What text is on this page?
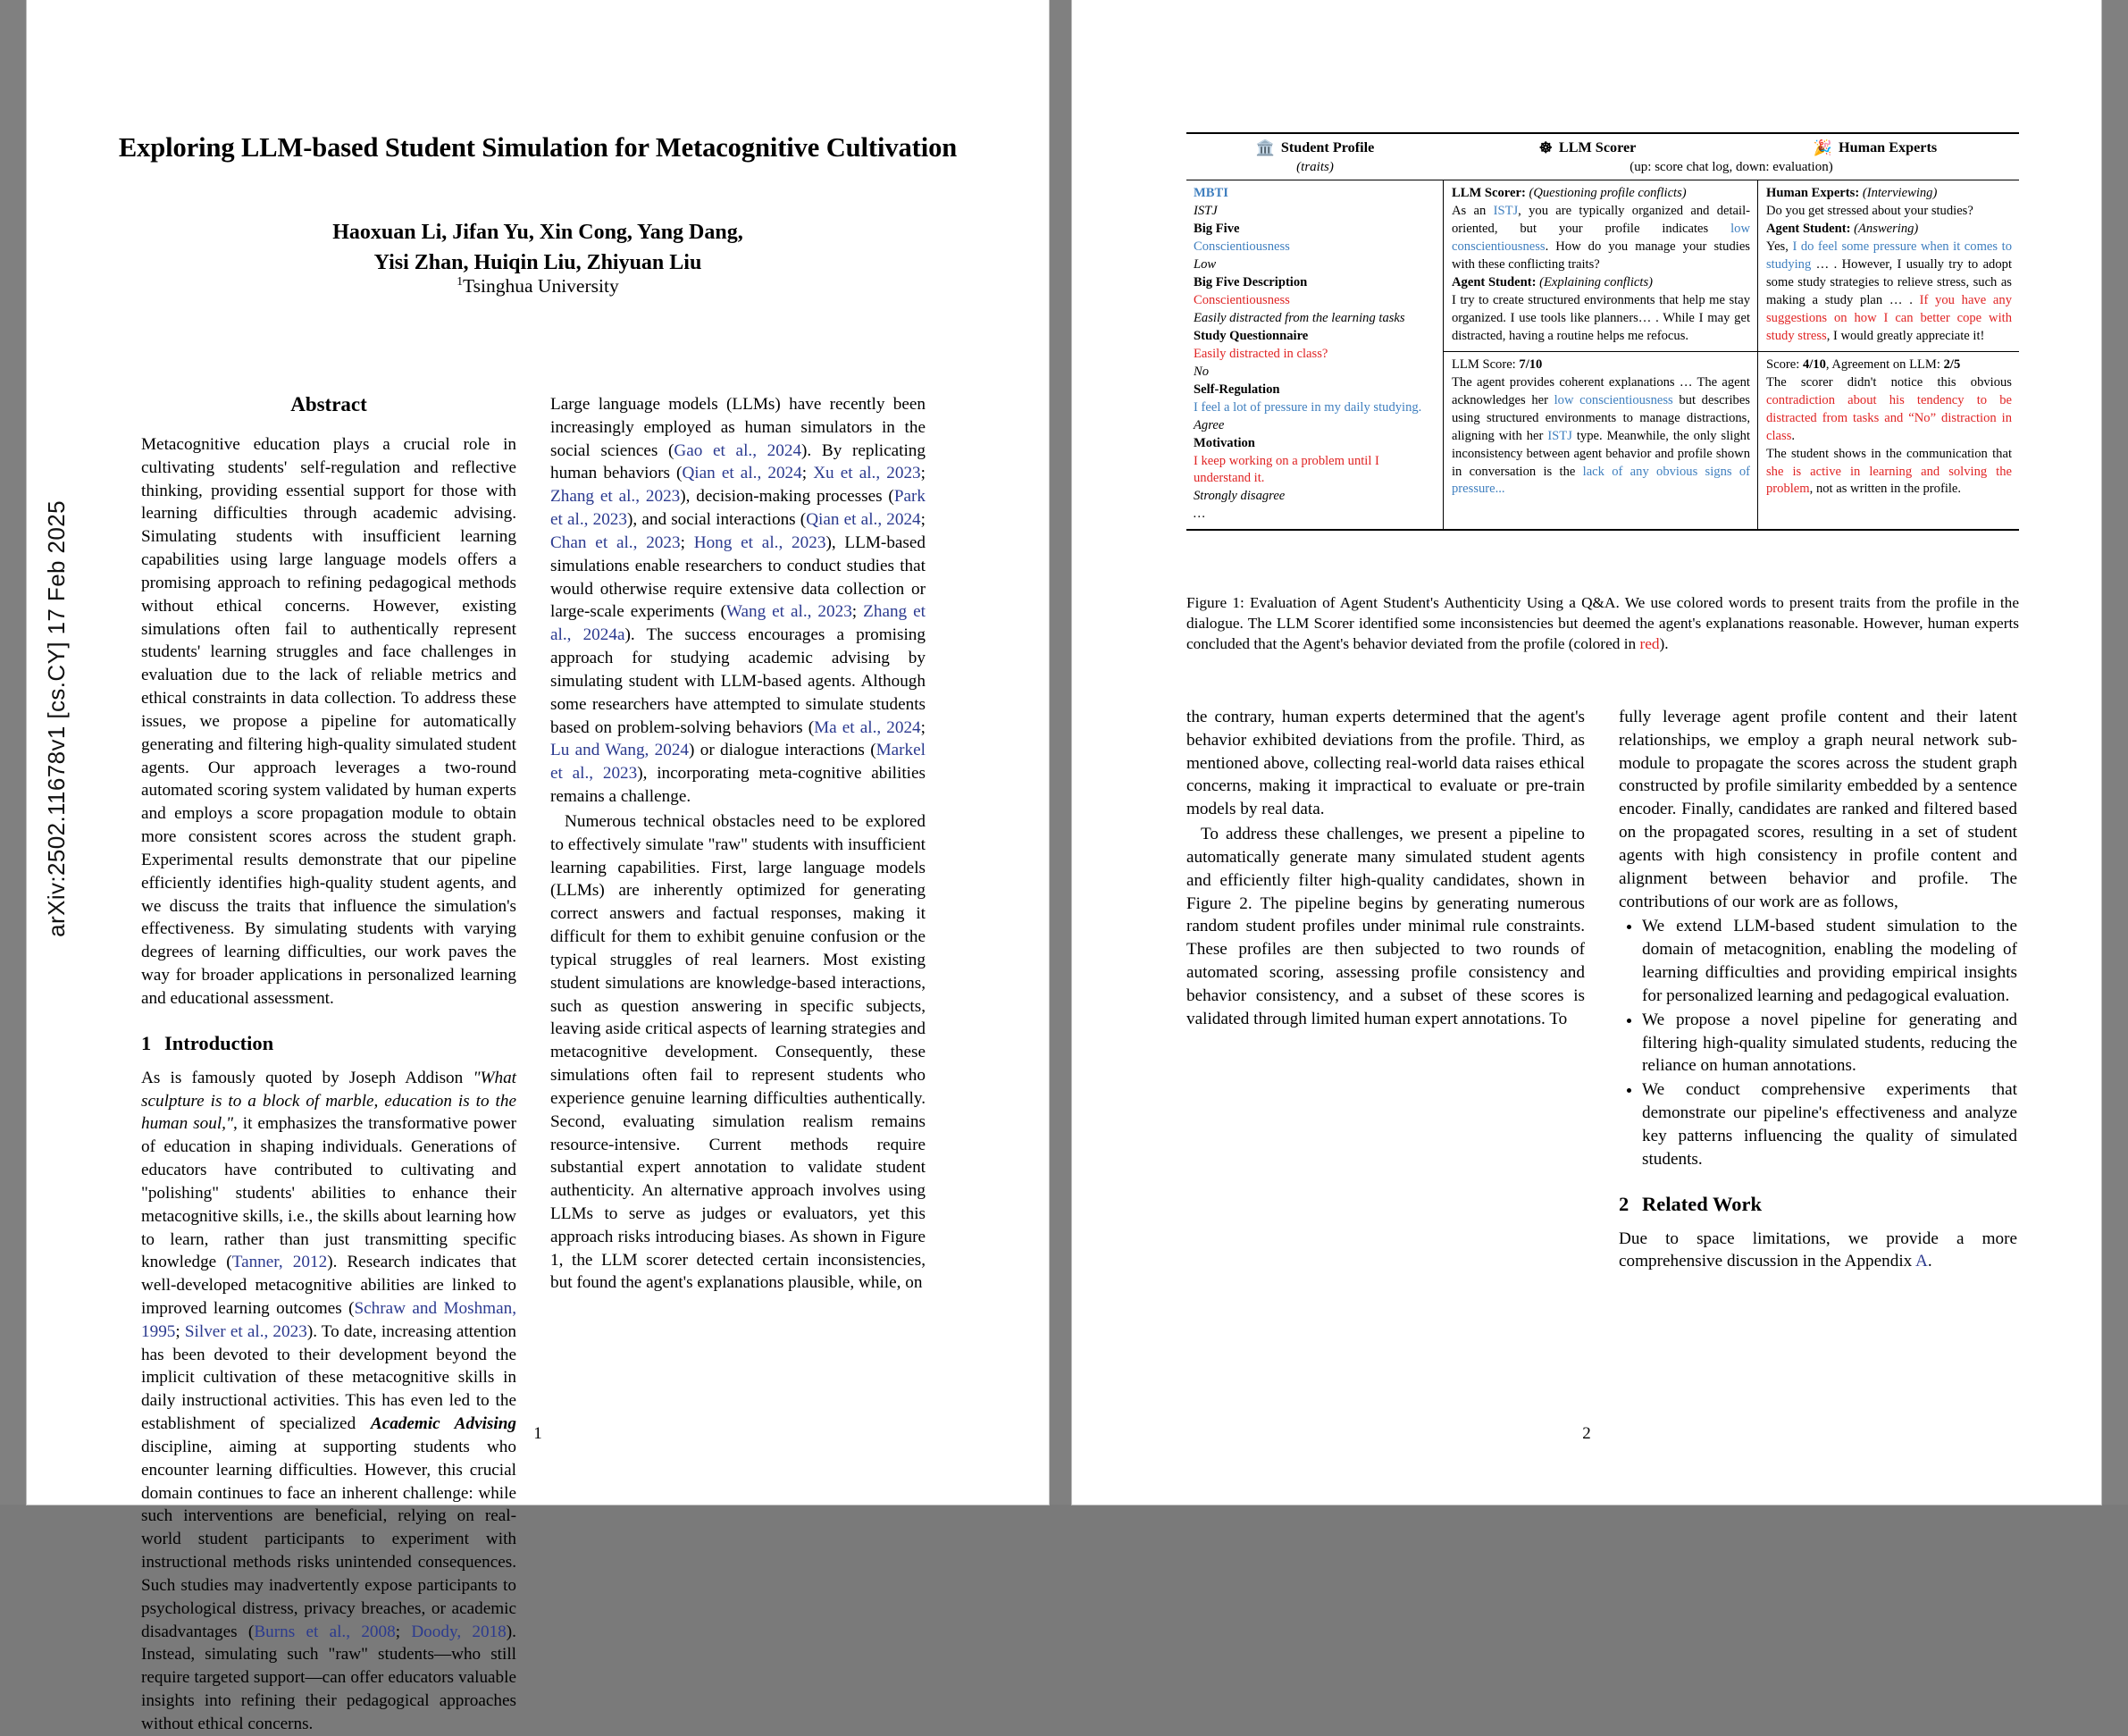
arXiv:2502.11678v1 [cs.CY] 17 Feb 2025
Exploring LLM-based Student Simulation for Metacognitive Cultivation
Haoxuan Li, Jifan Yu, Xin Cong, Yang Dang,
Yisi Zhan, Huiqin Liu, Zhiyuan Liu
$^1$Tsinghua University
Abstract

Metacognitive education plays a crucial role in cultivating students' self-regulation and reflective thinking, providing essential support for those with learning difficulties through academic advising. Simulating students with insufficient learning capabilities using large language models offers a promising approach to refining pedagogical methods without ethical concerns. However, existing simulations often fail to authentically represent students' learning struggles and face challenges in evaluation due to the lack of reliable metrics and ethical constraints in data collection. To address these issues, we propose a pipeline for automatically generating and filtering high-quality simulated student agents. Our approach leverages a two-round automated scoring system validated by human experts and employs a score propagation module to obtain more consistent scores across the student graph. Experimental results demonstrate that our pipeline efficiently identifies high-quality student agents, and we discuss the traits that influence the simulation's effectiveness. By simulating students with varying degrees of learning difficulties, our work paves the way for broader applications in personalized learning and educational assessment.

1 Introduction

As is famously quoted by Joseph Addison "What sculpture is to a block of marble, education is to the human soul,", it emphasizes the transformative power of education in shaping individuals. Generations of educators have contributed to cultivating and "polishing" students' abilities to enhance their metacognitive skills, i.e., the skills about learning how to learn, rather than just transmitting specific knowledge (Tanner, 2012). Research indicates that well-developed metacognitive abilities are linked to improved learning outcomes (Schraw and Moshman, 1995; Silver et al., 2023). To date, increasing attention has been devoted to their development beyond the implicit cultivation of these metacognitive skills in daily instructional activities. This has even led to the establishment of specialized Academic Advising discipline, aiming at supporting students who encounter learning difficulties. However, this crucial domain continues to face an inherent challenge: while such interventions are beneficial, relying on real-world student participants to experiment with instructional methods risks unintended consequences. Such studies may inadvertently expose participants to psychological distress, privacy breaches, or academic disadvantages (Burns et al., 2008; Doody, 2018). Instead, simulating such "raw" students—who still require targeted support—can offer educators valuable insights into refining their pedagogical approaches without ethical concerns.

Large language models (LLMs) have recently been increasingly employed as human simulators in the social sciences (Gao et al., 2024). By replicating human behaviors (Qian et al., 2024; Xu et al., 2023; Zhang et al., 2023), decision-making processes (Park et al., 2023), and social interactions (Qian et al., 2024; Chan et al., 2023; Hong et al., 2023), LLM-based simulations enable researchers to conduct studies that would otherwise require extensive data collection or large-scale experiments (Wang et al., 2023; Zhang et al., 2024a). The success encourages a promising approach for studying academic advising by simulating student with LLM-based agents. Although some researchers have attempted to simulate students based on problem-solving behaviors (Ma et al., 2024; Lu and Wang, 2024) or dialogue interactions (Markel et al., 2023), incorporating meta-cognitive abilities remains a challenge.

Numerous technical obstacles need to be explored to effectively simulate "raw" students with insufficient learning capabilities. First, large language models (LLMs) are inherently optimized for generating correct answers and factual responses, making it difficult for them to exhibit genuine confusion or the typical struggles of real learners. Most existing student simulations are knowledge-based interactions, such as question answering in specific subjects, leaving aside critical aspects of learning strategies and metacognitive development. Consequently, these simulations often fail to represent students who experience genuine learning difficulties authentically. Second, evaluating simulation realism remains resource-intensive. Current methods require substantial expert annotation to validate student authenticity. An alternative approach involves using LLMs to serve as judges or evaluators, yet this approach risks introducing biases. As shown in Figure 1, the LLM scorer detected certain inconsistencies, but found the agent's explanations plausible, while, on

1
🏛️ Student Profile
(traits)
☸ LLM Scorer	🎉 Human Experts
(up: score chat log, down: evaluation)
MBTI
ISTJ
Big Five
Conscientiousness
Low
Big Five Description
Conscientiousness
Easily distracted from the learning tasks
Study Questionnaire
Easily distracted in class?
No
Self-Regulation
I feel a lot of pressure in my daily studying.
Agree
Motivation
I keep working on a problem until I understand it.
Strongly disagree
…
LLM Scorer: (Questioning profile conflicts)
As an ISTJ, you are typically organized and detail-oriented, but your profile indicates low conscientiousness. How do you manage your studies with these conflicting traits?
Agent Student: (Explaining conflicts)
I try to create structured environments that help me stay organized. I use tools like planners… . While I may get distracted, having a routine helps me refocus.
LLM Score: 7/10
The agent provides coherent explanations … The agent acknowledges her low conscientiousness but describes using structured environments to manage distractions, aligning with her ISTJ type. Meanwhile, the only slight inconsistency between agent behavior and profile shown in conversation is the lack of any obvious signs of pressure...
Human Experts: (Interviewing)
Do you get stressed about your studies?
Agent Student: (Answering)
Yes, I do feel some pressure when it comes to studying … . However, I usually try to adopt some study strategies to relieve stress, such as making a study plan … . If you have any suggestions on how I can better cope with study stress, I would greatly appreciate it!
Score: 4/10, Agreement on LLM: 2/5
The scorer didn't notice this obvious contradiction about his tendency to be distracted from tasks and “No” distraction in class.
The student shows in the communication that she is active in learning and solving the problem, not as written in the profile.
Figure 1: Evaluation of Agent Student's Authenticity Using a Q&A. We use colored words to present traits from the profile in the dialogue. The LLM Scorer identified some inconsistencies but deemed the agent's explanations reasonable. However, human experts concluded that the Agent's behavior deviated from the profile (colored in red).

the contrary, human experts determined that the agent's behavior exhibited deviations from the profile. Third, as mentioned above, collecting real-world data raises ethical concerns, making it impractical to evaluate or pre-train models by real data.

To address these challenges, we present a pipeline to automatically generate many simulated student agents and efficiently filter high-quality candidates, shown in Figure 2. The pipeline begins by generating numerous random student profiles under minimal rule constraints. These profiles are then subjected to two rounds of automated scoring, assessing profile consistency and behavior consistency, and a subset of these scores is validated through limited human expert annotations. To

fully leverage agent profile content and their latent relationships, we employ a graph neural network sub-module to propagate the scores across the student graph constructed by profile similarity embedded by a sentence encoder. Finally, candidates are ranked and filtered based on the propagated scores, resulting in a set of student agents with high consistency in profile content and alignment between behavior and profile. The contributions of our work are as follows,

• We extend LLM-based student simulation to the domain of metacognition, enabling the modeling of learning difficulties and providing empirical insights for personalized learning and pedagogical evaluation.
• We propose a novel pipeline for generating and filtering high-quality simulated students, reducing the reliance on human annotations.
• We conduct comprehensive experiments that demonstrate our pipeline's effectiveness and analyze key patterns influencing the quality of simulated students.
2 Related Work

Due to space limitations, we provide a more comprehensive discussion in the Appendix A.

2
